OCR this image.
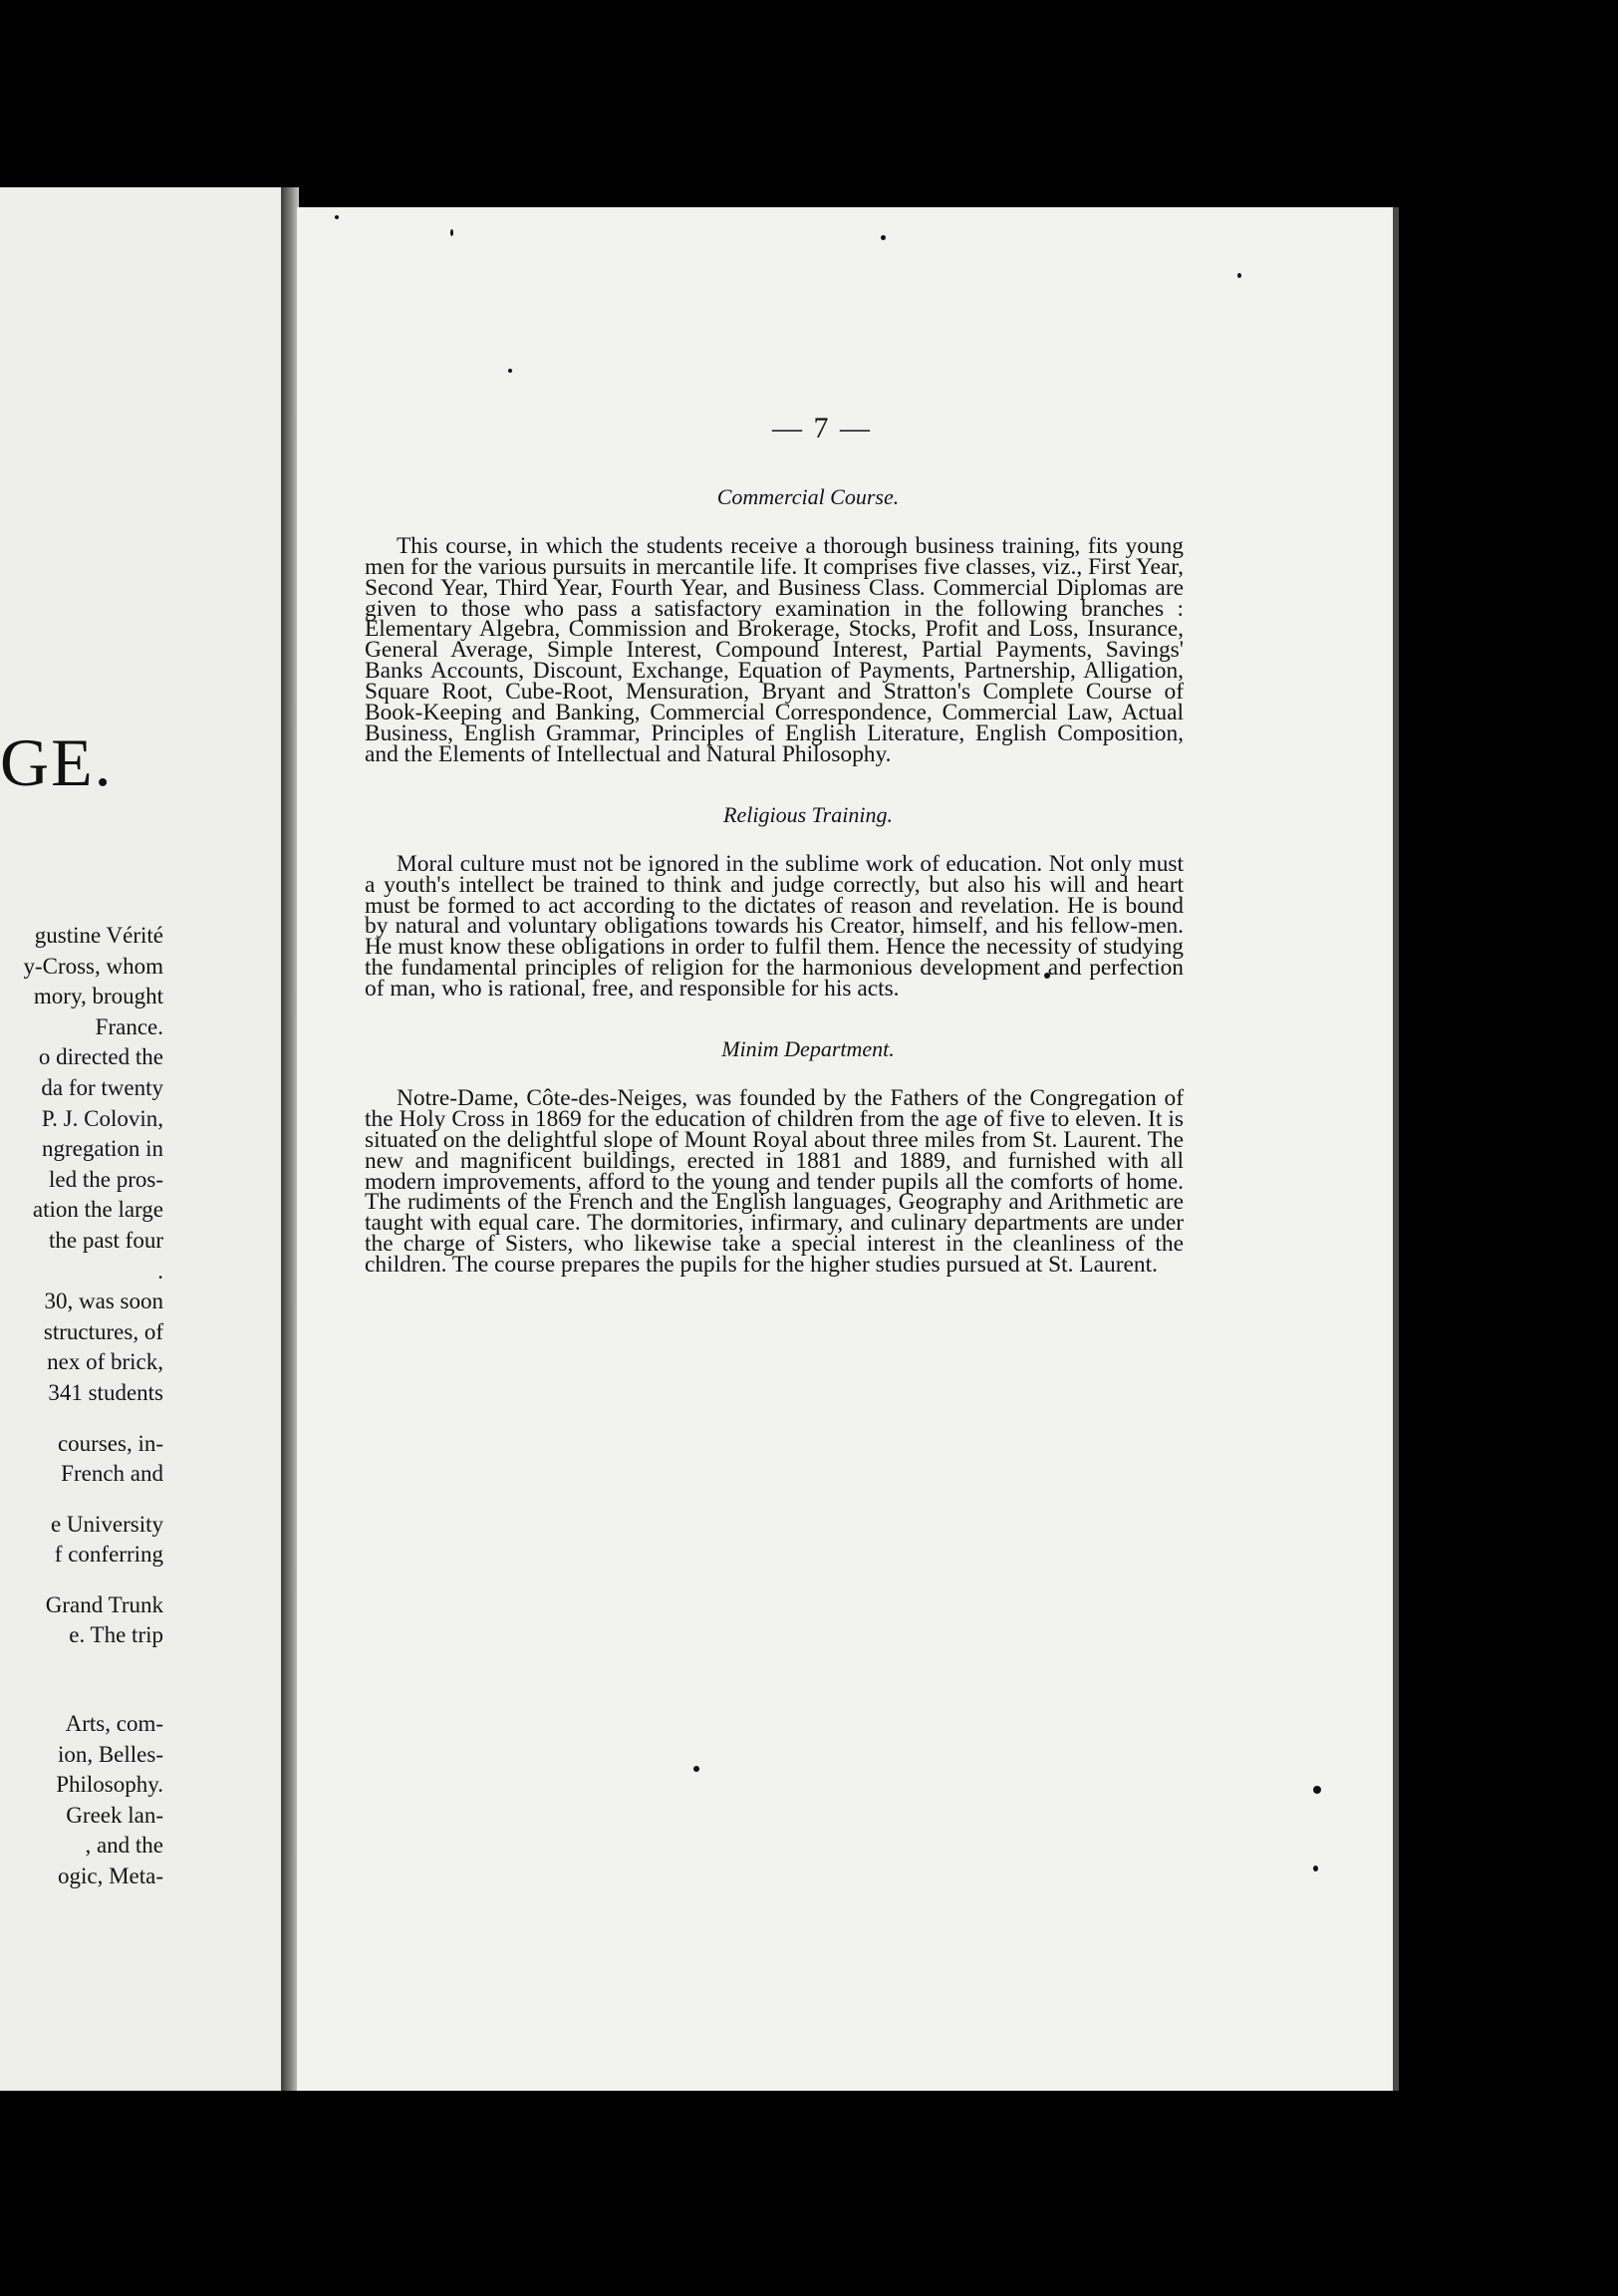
GE.
gustine Vérité
y-Cross, whom
mory, brought
France.
o directed the
da for twenty
P. J. Colovin,
ngregation in
led the pros-
ation the large
the past four
.
30, was soon
structures, of
nex of brick,
341 students
courses, in-
French and
e University
f conferring
Grand Trunk
e. The trip
Arts, com-
ion, Belles-
Philosophy.
Greek lan-
, and the
ogic, Meta-
— 7 —
Commercial Course.

This course, in which the students receive a thorough business training, fits young men for the various pursuits in mercantile life. It comprises five classes, viz., First Year, Second Year, Third Year, Fourth Year, and Business Class. Commercial Diplomas are given to those who pass a satisfactory examination in the following branches : Elementary Algebra, Commission and Brokerage, Stocks, Profit and Loss, Insurance, General Average, Simple Interest, Compound Interest, Partial Payments, Savings' Banks Accounts, Discount, Exchange, Equation of Payments, Partnership, Alligation, Square Root, Cube-Root, Mensuration, Bryant and Stratton's Complete Course of Book-Keeping and Banking, Commercial Correspondence, Commercial Law, Actual Business, English Grammar, Principles of English Literature, English Composition, and the Elements of Intellectual and Natural Philosophy.

Religious Training.

Moral culture must not be ignored in the sublime work of education. Not only must a youth's intellect be trained to think and judge correctly, but also his will and heart must be formed to act according to the dictates of reason and revelation. He is bound by natural and voluntary obligations towards his Creator, himself, and his fellow-men. He must know these obligations in order to fulfil them. Hence the necessity of studying the fundamental principles of religion for the harmonious development and perfection of man, who is rational, free, and responsible for his acts.

Minim Department.

Notre-Dame, Côte-des-Neiges, was founded by the Fathers of the Congregation of the Holy Cross in 1869 for the education of children from the age of five to eleven. It is situated on the delightful slope of Mount Royal about three miles from St. Laurent. The new and magnificent buildings, erected in 1881 and 1889, and furnished with all modern improvements, afford to the young and tender pupils all the comforts of home. The rudiments of the French and the English languages, Geography and Arithmetic are taught with equal care. The dormitories, infirmary, and culinary departments are under the charge of Sisters, who likewise take a special interest in the cleanliness of the children. The course prepares the pupils for the higher studies pursued at St. Laurent.
